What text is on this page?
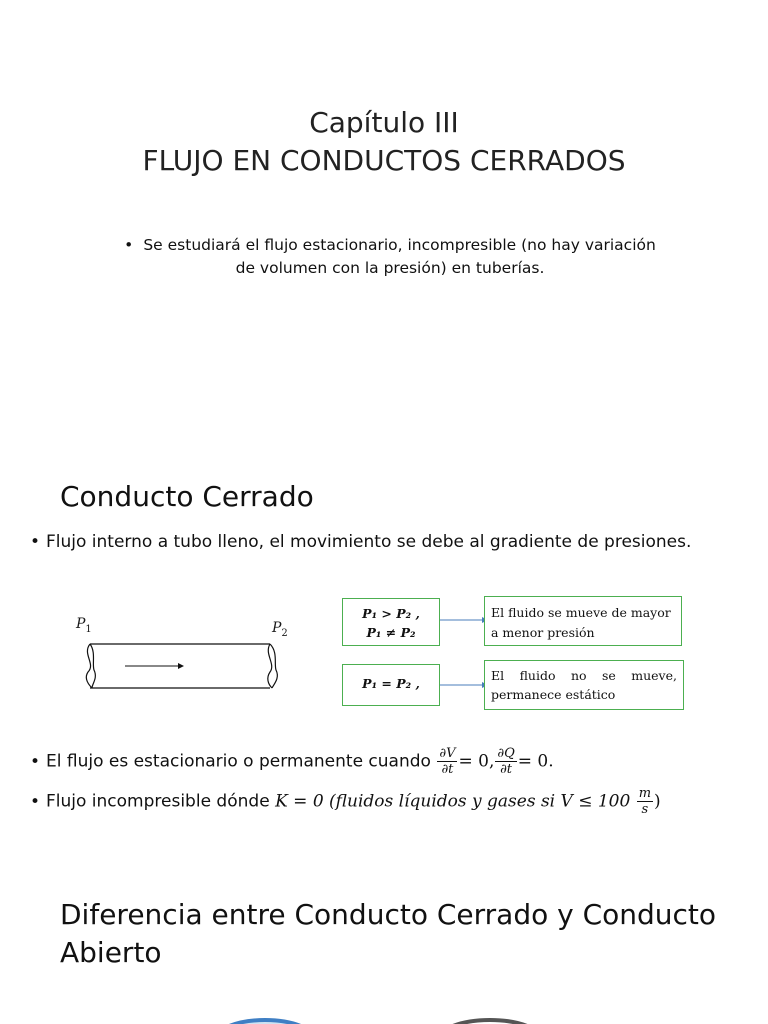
Capítulo III
FLUJO EN CONDUCTOS CERRADOS
• Se estudiará el flujo estacionario, incompresible (no hay variación
de volumen con la presión) en tuberías.
Conducto Cerrado
• Flujo interno a tubo lleno, el movimiento se debe al gradiente de presiones.
$P_1$	$P_2$
P₁ > P₂ ,
P₁ ≠ P₂
P₁ = P₂ ,
El fluido se mueve de mayor a menor presión
El fluido no se mueve,
permanece estático
• El flujo es estacionario o permanente cuando $\frac{\partial V}{\partial t} = 0$, $\frac{\partial Q}{\partial t} = 0$.
• Flujo incompresible dónde K = 0 (fluidos líquidos y gases si $V \le 100 \frac{m}{s}$ )
Diferencia entre Conducto Cerrado y Conducto
Abierto
